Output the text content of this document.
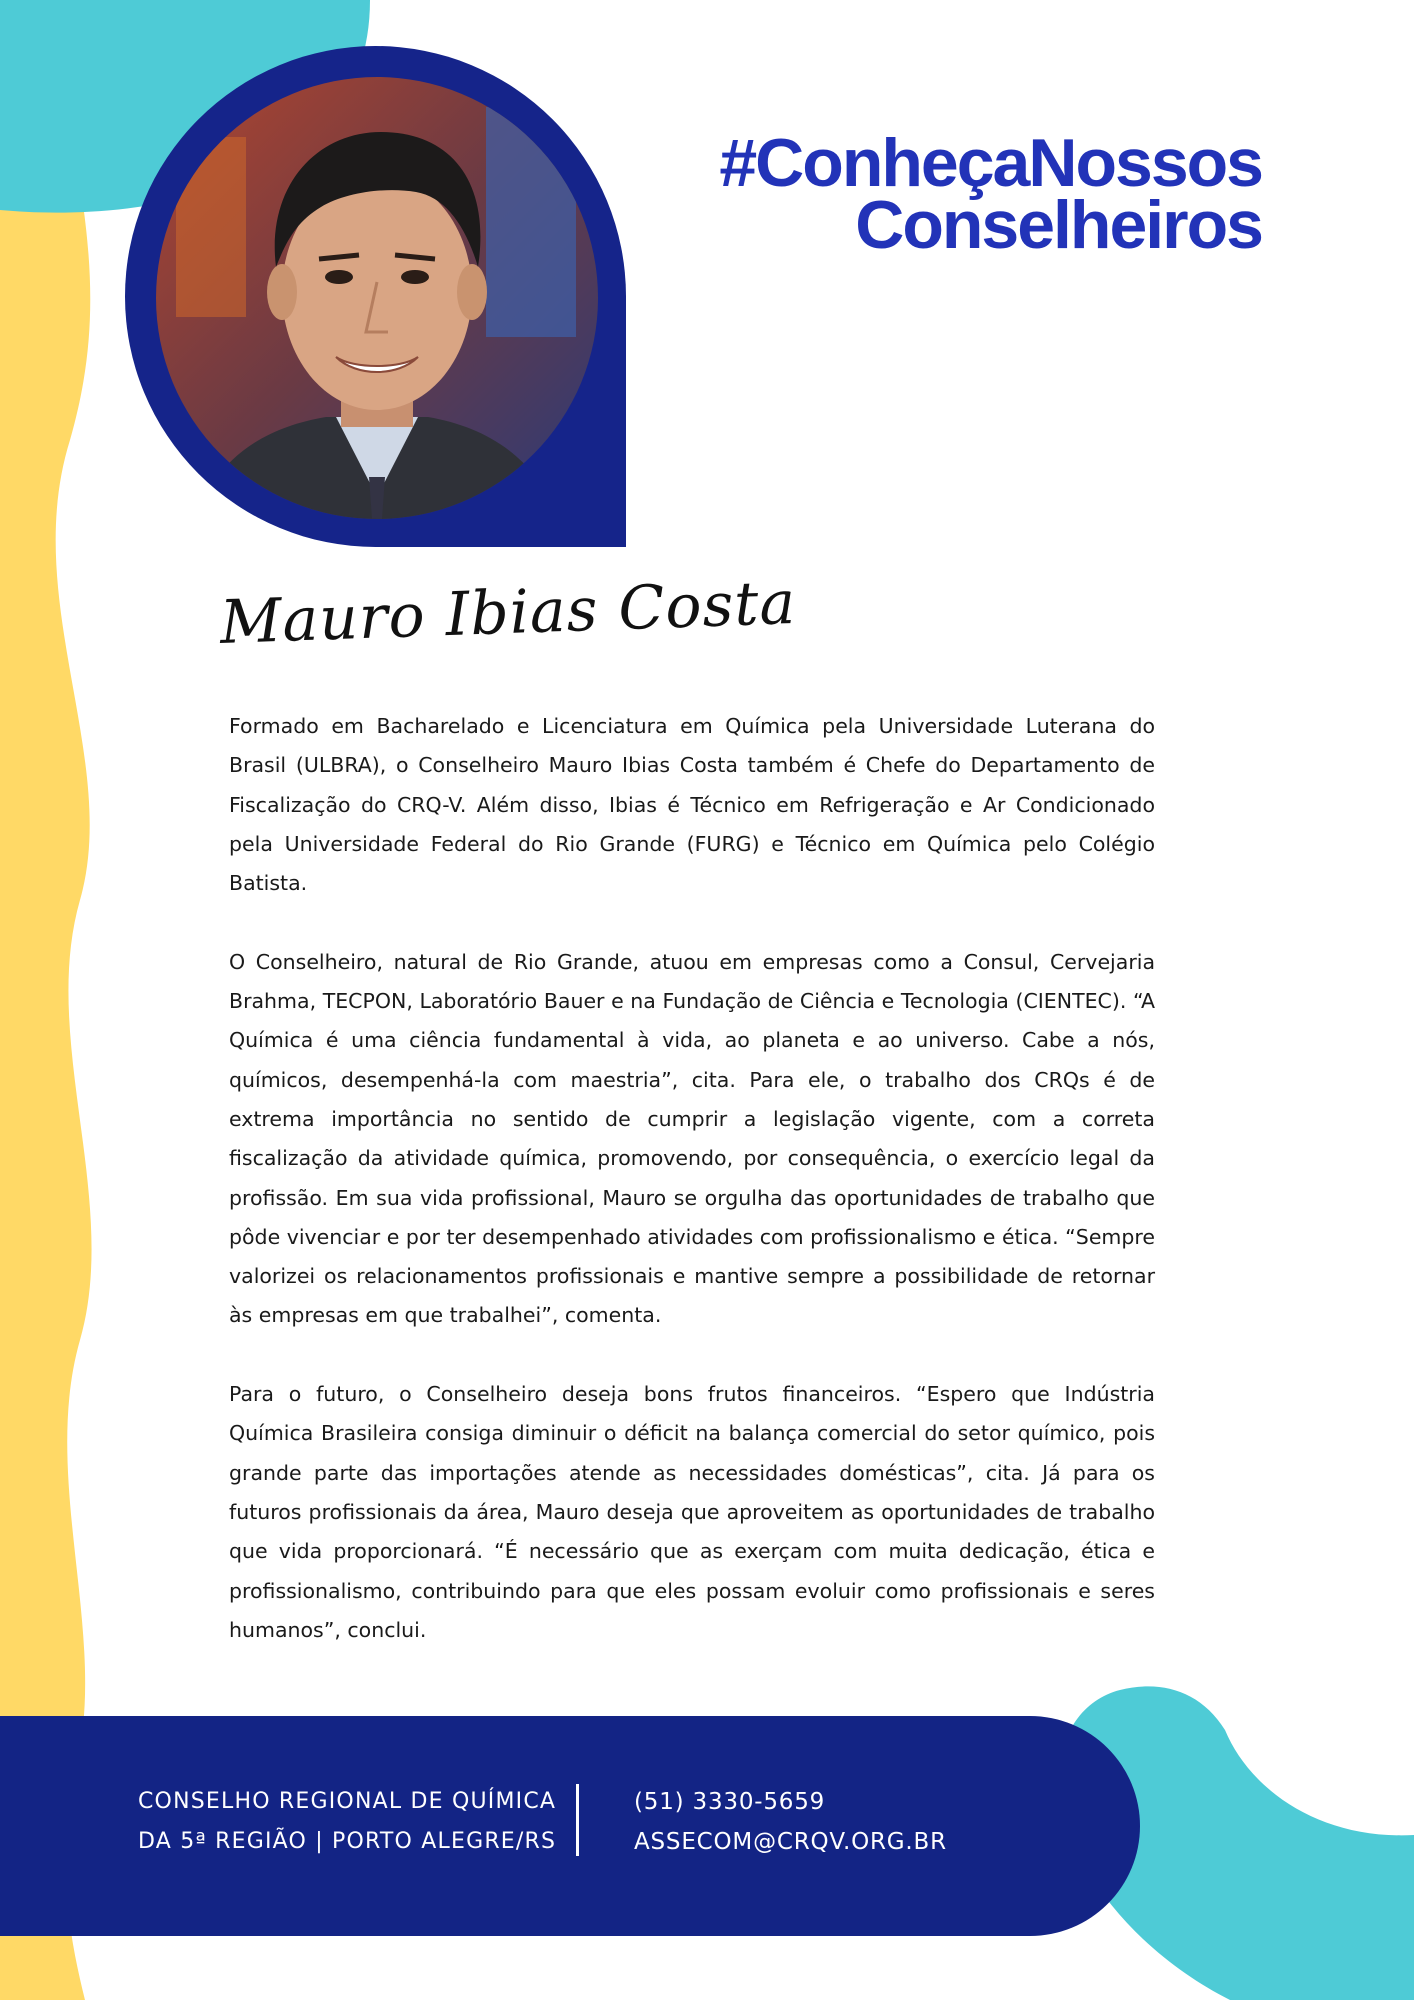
#ConheçaNossos
Conselheiros
Mauro Ibias Costa

Formado em Bacharelado e Licenciatura em Química pela Universidade Luterana do Brasil (ULBRA), o Conselheiro Mauro Ibias Costa também é Chefe do Departamento de Fiscalização do CRQ-V. Além disso, Ibias é Técnico em Refrigeração e Ar Condicionado pela Universidade Federal do Rio Grande (FURG) e Técnico em Química pelo Colégio Batista.

O Conselheiro, natural de Rio Grande, atuou em empresas como a Consul, Cervejaria Brahma, TECPON, Laboratório Bauer e na Fundação de Ciência e Tecnologia (CIENTEC). “A Química é uma ciência fundamental à vida, ao planeta e ao universo. Cabe a nós, químicos, desempenhá-la com maestria”, cita. Para ele, o trabalho dos CRQs é de extrema importância no sentido de cumprir a legislação vigente, com a correta fiscalização da atividade química, promovendo, por consequência, o exercício legal da profissão. Em sua vida profissional, Mauro se orgulha das oportunidades de trabalho que pôde vivenciar e por ter desempenhado atividades com profissionalismo e ética. “Sempre valorizei os relacionamentos profissionais e mantive sempre a possibilidade de retornar às empresas em que trabalhei”, comenta.

Para o futuro, o Conselheiro deseja bons frutos financeiros. “Espero que Indústria Química Brasileira consiga diminuir o déficit na balança comercial do setor químico, pois grande parte das importações atende as necessidades domésticas”, cita. Já para os futuros profissionais da área, Mauro deseja que aproveitem as oportunidades de trabalho que vida proporcionará. “É necessário que as exerçam com muita dedicação, ética e profissionalismo, contribuindo para que eles possam evoluir como profissionais e seres humanos”, conclui.

CONSELHO REGIONAL DE QUÍMICA
DA 5ª REGIÃO | PORTO ALEGRE/RS
(51) 3330-5659
ASSECOM@CRQV.ORG.BR
